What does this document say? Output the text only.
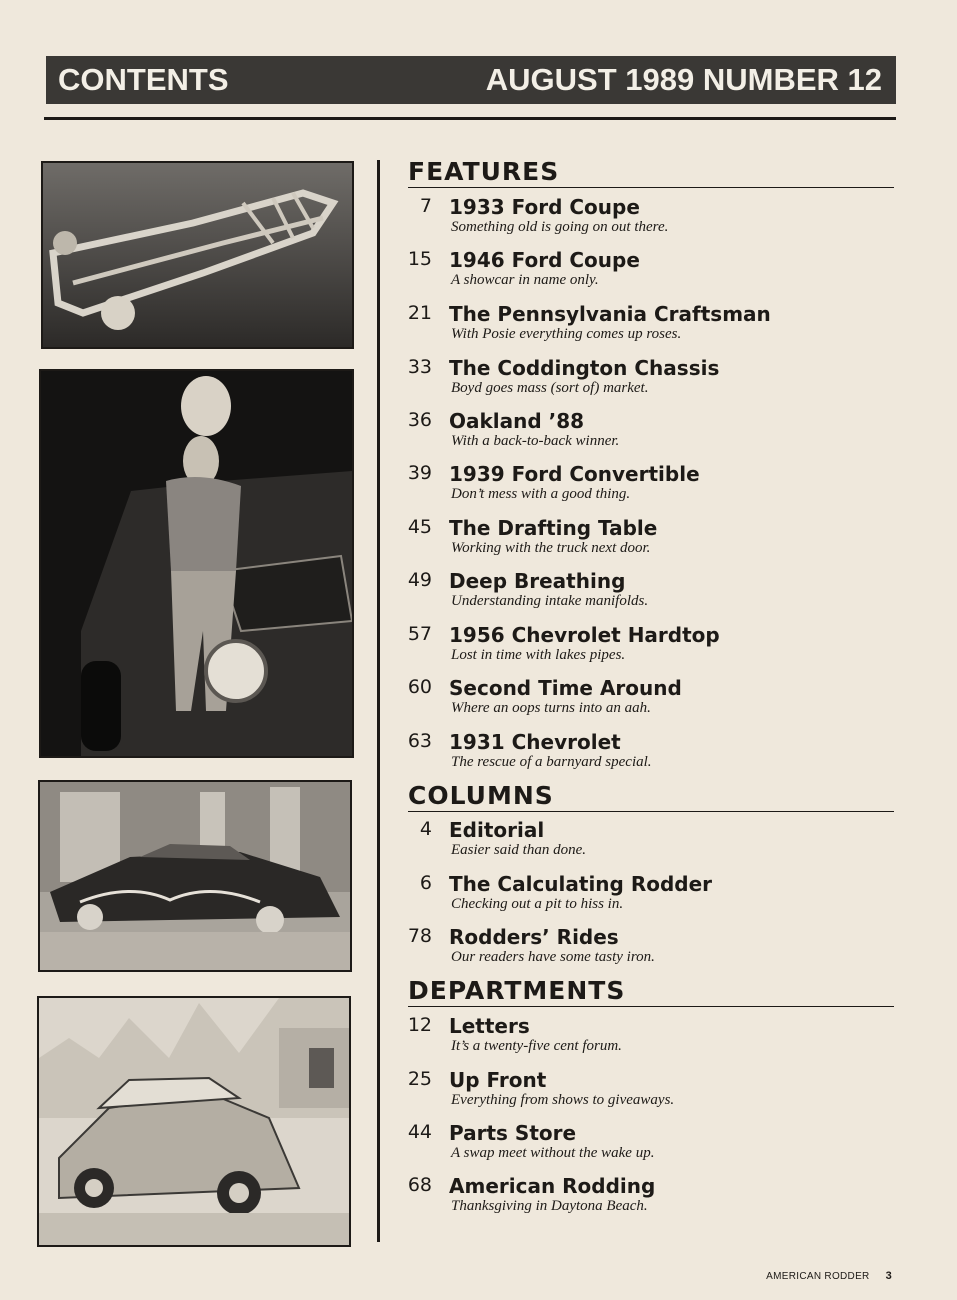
CONTENTS	AUGUST 1989 NUMBER 12
FEATURES
7 1933 Ford Coupe
Something old is going on out there.
15 1946 Ford Coupe
A showcar in name only.
21 The Pennsylvania Craftsman
With Posie everything comes up roses.
33 The Coddington Chassis
Boyd goes mass (sort of) market.
36 Oakland ’88
With a back-to-back winner.
39 1939 Ford Convertible
Don’t mess with a good thing.
45 The Drafting Table
Working with the truck next door.
49 Deep Breathing
Understanding intake manifolds.
57 1956 Chevrolet Hardtop
Lost in time with lakes pipes.
60 Second Time Around
Where an oops turns into an aah.
63 1931 Chevrolet
The rescue of a barnyard special.
COLUMNS
4 Editorial
Easier said than done.
6 The Calculating Rodder
Checking out a pit to hiss in.
78 Rodders’ Rides
Our readers have some tasty iron.
DEPARTMENTS
12 Letters
It’s a twenty-five cent forum.
25 Up Front
Everything from shows to giveaways.
44 Parts Store
A swap meet without the wake up.
68 American Rodding
Thanksgiving in Daytona Beach.
AMERICAN RODDER 3
